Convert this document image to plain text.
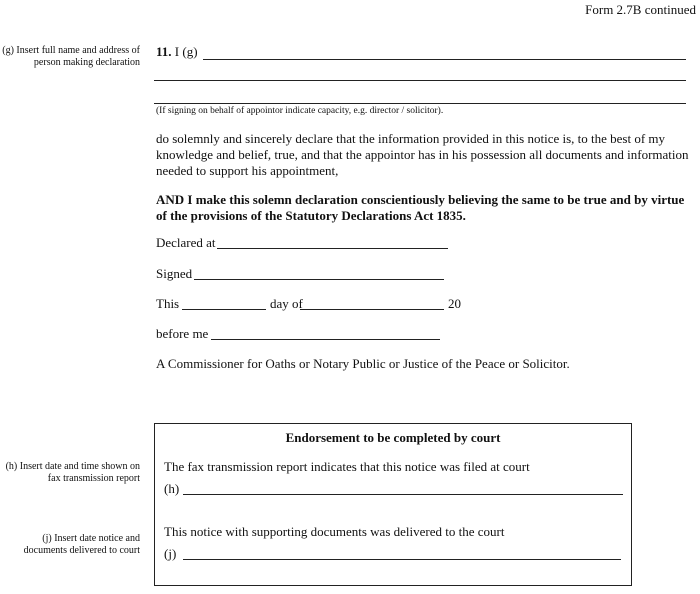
Form 2.7B continued
(g) Insert full name and address of person making declaration
11. I (g)
(If signing on behalf of appointor indicate capacity, e.g. director / solicitor).
do solemnly and sincerely declare that the information provided in this notice is, to the best of my knowledge and belief, true, and that the appointor has in his possession all documents and information needed to support his appointment,
AND I make this solemn declaration conscientiously believing the same to be true and by virtue of the provisions of the Statutory Declarations Act 1835.
Declared at
Signed
This	day of	20
before me
A Commissioner for Oaths or Notary Public or Justice of the Peace or Solicitor.
(h) Insert date and time shown on fax transmission report
(j) Insert date notice and documents delivered to court
Endorsement to be completed by court
The fax transmission report indicates that this notice was filed at court
(h)
This notice with supporting documents was delivered to the court
(j)
